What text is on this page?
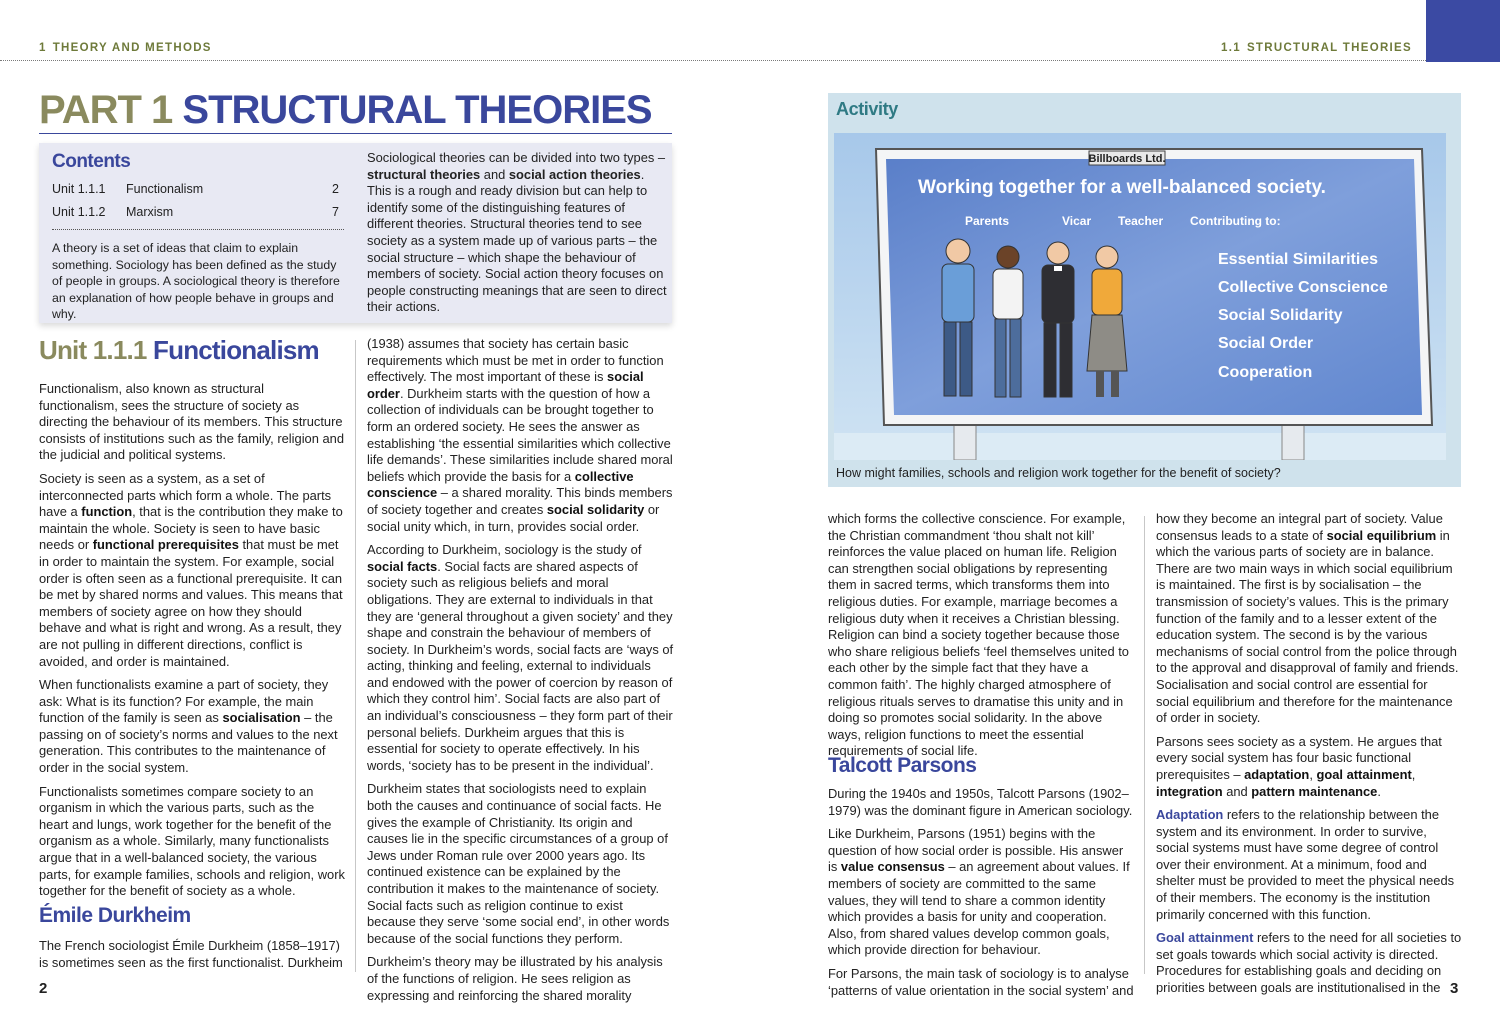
1 THEORY AND METHODS	1.1 STRUCTURAL THEORIES
PART 1 STRUCTURAL THEORIES
Contents
Unit 1.1.1 Functionalism	2
Unit 1.1.2 Marxism	7
A theory is a set of ideas that claim to explain something. Sociology has been defined as the study of people in groups. A sociological theory is therefore an explanation of how people behave in groups and why.
Sociological theories can be divided into two types – structural theories and social action theories. This is a rough and ready division but can help to identify some of the distinguishing features of different theories. Structural theories tend to see society as a system made up of various parts – the social structure – which shape the behaviour of members of society. Social action theory focuses on people constructing meanings that are seen to direct their actions.
Unit 1.1.1 Functionalism

Functionalism, also known as structural functionalism, sees the structure of society as directing the behaviour of its members. This structure consists of institutions such as the family, religion and the judicial and political systems.

Society is seen as a system, as a set of interconnected parts which form a whole. The parts have a function, that is the contribution they make to maintain the whole. Society is seen to have basic needs or functional prerequisites that must be met in order to maintain the system. For example, social order is often seen as a functional prerequisite. It can be met by shared norms and values. This means that members of society agree on how they should behave and what is right and wrong. As a result, they are not pulling in different directions, conflict is avoided, and order is maintained.

When functionalists examine a part of society, they ask: What is its function? For example, the main function of the family is seen as socialisation – the passing on of society’s norms and values to the next generation. This contributes to the maintenance of order in the social system.

Functionalists sometimes compare society to an organism in which the various parts, such as the heart and lungs, work together for the benefit of the organism as a whole. Similarly, many functionalists argue that in a well-balanced society, the various parts, for example families, schools and religion, work together for the benefit of society as a whole.

Émile Durkheim

The French sociologist Émile Durkheim (1858–1917) is sometimes seen as the first functionalist. Durkheim

(1938) assumes that society has certain basic requirements which must be met in order to function effectively. The most important of these is social order. Durkheim starts with the question of how a collection of individuals can be brought together to form an ordered society. He sees the answer as establishing ‘the essential similarities which collective life demands’. These similarities include shared moral beliefs which provide the basis for a collective conscience – a shared morality. This binds members of society together and creates social solidarity or social unity which, in turn, provides social order.

According to Durkheim, sociology is the study of social facts. Social facts are shared aspects of society such as religious beliefs and moral obligations. They are external to individuals in that they are ‘general throughout a given society’ and they shape and constrain the behaviour of members of society. In Durkheim’s words, social facts are ‘ways of acting, thinking and feeling, external to individuals and endowed with the power of coercion by reason of which they control him’. Social facts are also part of an individual’s consciousness – they form part of their personal beliefs. Durkheim argues that this is essential for society to operate effectively. In his words, ‘society has to be present in the individual’.

Durkheim states that sociologists need to explain both the causes and continuance of social facts. He gives the example of Christianity. Its origin and causes lie in the specific circumstances of a group of Jews under Roman rule over 2000 years ago. Its continued existence can be explained by the contribution it makes to the maintenance of society. Social facts such as religion continue to exist because they serve ‘some social end’, in other words because of the social functions they perform.

Durkheim’s theory may be illustrated by his analysis of the functions of religion. He sees religion as expressing and reinforcing the shared morality

Activity
Billboards Ltd.
Working together for a well-balanced society.
Parents	Vicar Teacher Contributing to:
Essential Similarities
Collective Conscience
Social Solidarity
Social Order
Cooperation
How might families, schools and religion work together for the benefit of society?

which forms the collective conscience. For example, the Christian commandment ‘thou shalt not kill’ reinforces the value placed on human life. Religion can strengthen social obligations by representing them in sacred terms, which transforms them into religious duties. For example, marriage becomes a religious duty when it receives a Christian blessing. Religion can bind a society together because those who share religious beliefs ‘feel themselves united to each other by the simple fact that they have a common faith’. The highly charged atmosphere of religious rituals serves to dramatise this unity and in doing so promotes social solidarity. In the above ways, religion functions to meet the essential requirements of social life.

Talcott Parsons

During the 1940s and 1950s, Talcott Parsons (1902–1979) was the dominant figure in American sociology.

Like Durkheim, Parsons (1951) begins with the question of how social order is possible. His answer is value consensus – an agreement about values. If members of society are committed to the same values, they will tend to share a common identity which provides a basis for unity and cooperation. Also, from shared values develop common goals, which provide direction for behaviour.

For Parsons, the main task of sociology is to analyse ‘patterns of value orientation in the social system’ and

how they become an integral part of society. Value consensus leads to a state of social equilibrium in which the various parts of society are in balance. There are two main ways in which social equilibrium is maintained. The first is by socialisation – the transmission of society’s values. This is the primary function of the family and to a lesser extent of the education system. The second is by the various mechanisms of social control from the police through to the approval and disapproval of family and friends. Socialisation and social control are essential for social equilibrium and therefore for the maintenance of order in society.

Parsons sees society as a system. He argues that every social system has four basic functional prerequisites – adaptation, goal attainment, integration and pattern maintenance.

Adaptation refers to the relationship between the system and its environment. In order to survive, social systems must have some degree of control over their environment. At a minimum, food and shelter must be provided to meet the physical needs of their members. The economy is the institution primarily concerned with this function.

Goal attainment refers to the need for all societies to set goals towards which social activity is directed. Procedures for establishing goals and deciding on priorities between goals are institutionalised in the

2	3
